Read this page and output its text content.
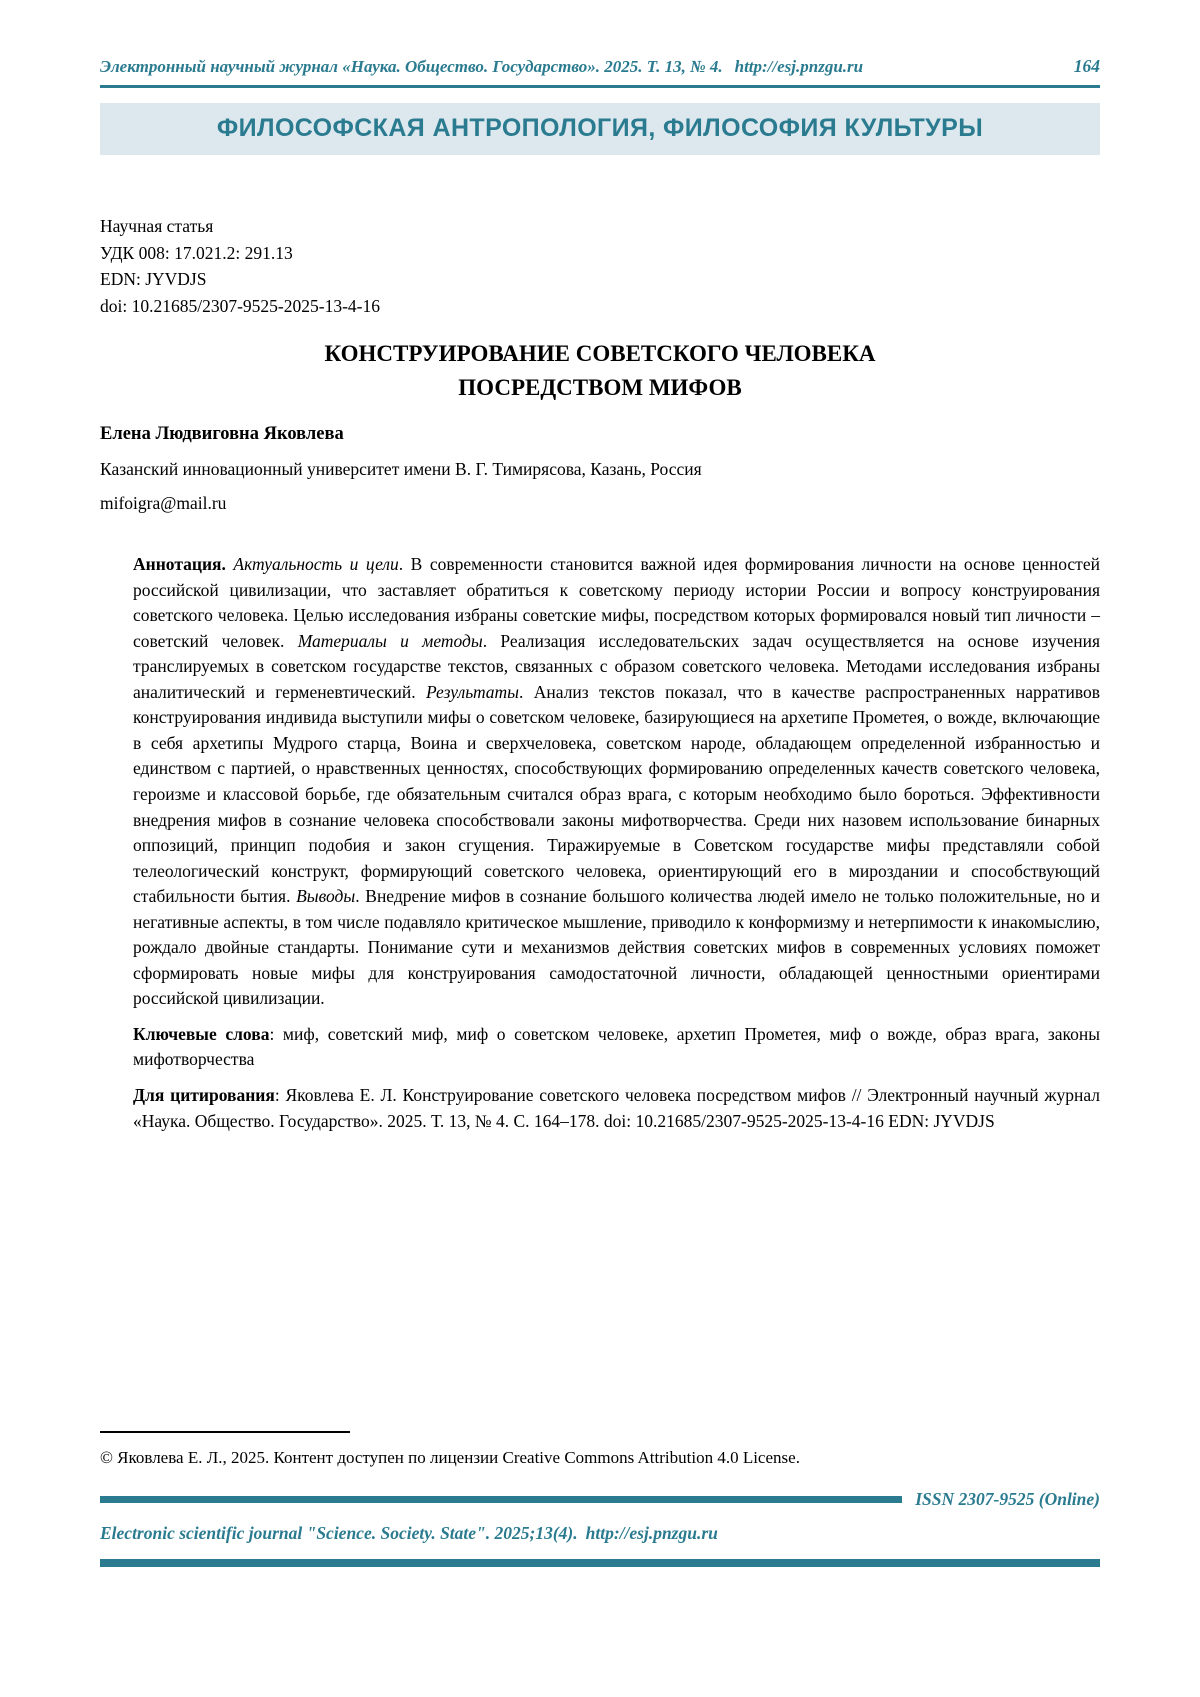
Электронный научный журнал «Наука. Общество. Государство». 2025. Т. 13, № 4. http://esj.pnzgu.ru	164
ФИЛОСОФСКАЯ АНТРОПОЛОГИЯ, ФИЛОСОФИЯ КУЛЬТУРЫ
Научная статья
УДК 008: 17.021.2: 291.13
EDN: JYVDJS
doi: 10.21685/2307-9525-2025-13-4-16
КОНСТРУИРОВАНИЕ СОВЕТСКОГО ЧЕЛОВЕКА
ПОСРЕДСТВОМ МИФОВ
Елена Людвиговна Яковлева
Казанский инновационный университет имени В. Г. Тимирясова, Казань, Россия
mifoigra@mail.ru

Аннотация. Актуальность и цели. В современности становится важной идея формирования личности на основе ценностей российской цивилизации, что заставляет обратиться к советскому периоду истории России и вопросу конструирования советского человека. Целью исследования избраны советские мифы, посредством которых формировался новый тип личности – советский человек. Материалы и методы. Реализация исследовательских задач осуществляется на основе изучения транслируемых в советском государстве текстов, связанных с образом советского человека. Методами исследования избраны аналитический и герменевтический. Результаты. Анализ текстов показал, что в качестве распространенных нарративов конструирования индивида выступили мифы о советском человеке, базирующиеся на архетипе Прометея, о вожде, включающие в себя архетипы Мудрого старца, Воина и сверхчеловека, советском народе, обладающем определенной избранностью и единством с партией, о нравственных ценностях, способствующих формированию определенных качеств советского человека, героизме и классовой борьбе, где обязательным считался образ врага, с которым необходимо было бороться. Эффективности внедрения мифов в сознание человека способствовали законы мифотворчества. Среди них назовем использование бинарных оппозиций, принцип подобия и закон сгущения. Тиражируемые в Советском государстве мифы представляли собой телеологический конструкт, формирующий советского человека, ориентирующий его в мироздании и способствующий стабильности бытия. Выводы. Внедрение мифов в сознание большого количества людей имело не только положительные, но и негативные аспекты, в том числе подавляло критическое мышление, приводило к конформизму и нетерпимости к инакомыслию, рождало двойные стандарты. Понимание сути и механизмов действия советских мифов в современных условиях поможет сформировать новые мифы для конструирования самодостаточной личности, обладающей ценностными ориентирами российской цивилизации.

Ключевые слова: миф, советский миф, миф о советском человеке, архетип Прометея, миф о вожде, образ врага, законы мифотворчества

Для цитирования: Яковлева Е. Л. Конструирование советского человека посредством мифов // Электронный научный журнал «Наука. Общество. Государство». 2025. Т. 13, № 4. С. 164–178. doi: 10.21685/2307-9525-2025-13-4-16 EDN: JYVDJS

© Яковлева Е. Л., 2025. Контент доступен по лицензии Creative Commons Attribution 4.0 License.
ISSN 2307-9525 (Online)
Electronic scientific journal "Science. Society. State". 2025;13(4). http://esj.pnzgu.ru
